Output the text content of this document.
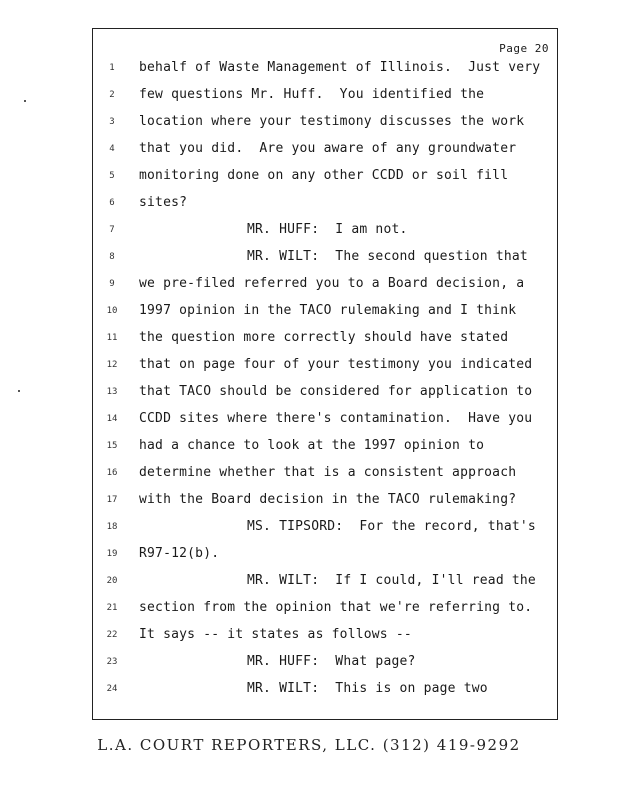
Page 20
1	behalf of Waste Management of Illinois.  Just very
2	few questions Mr. Huff.  You identified the
3	location where your testimony discusses the work
4	that you did.  Are you aware of any groundwater
5	monitoring done on any other CCDD or soil fill
6	sites?
7	MR. HUFF:  I am not.
8	MR. WILT:  The second question that
9	we pre-filed referred you to a Board decision, a
10	1997 opinion in the TACO rulemaking and I think
11	the question more correctly should have stated
12	that on page four of your testimony you indicated
13	that TACO should be considered for application to
14	CCDD sites where there's contamination.  Have you
15	had a chance to look at the 1997 opinion to
16	determine whether that is a consistent approach
17	with the Board decision in the TACO rulemaking?
18	MS. TIPSORD:  For the record, that's
19	R97-12(b).
20	MR. WILT:  If I could, I'll read the
21	section from the opinion that we're referring to.
22	It says -- it states as follows --
23	MR. HUFF:  What page?
24	MR. WILT:  This is on page two
L.A. COURT REPORTERS, LLC. (312) 419-9292
